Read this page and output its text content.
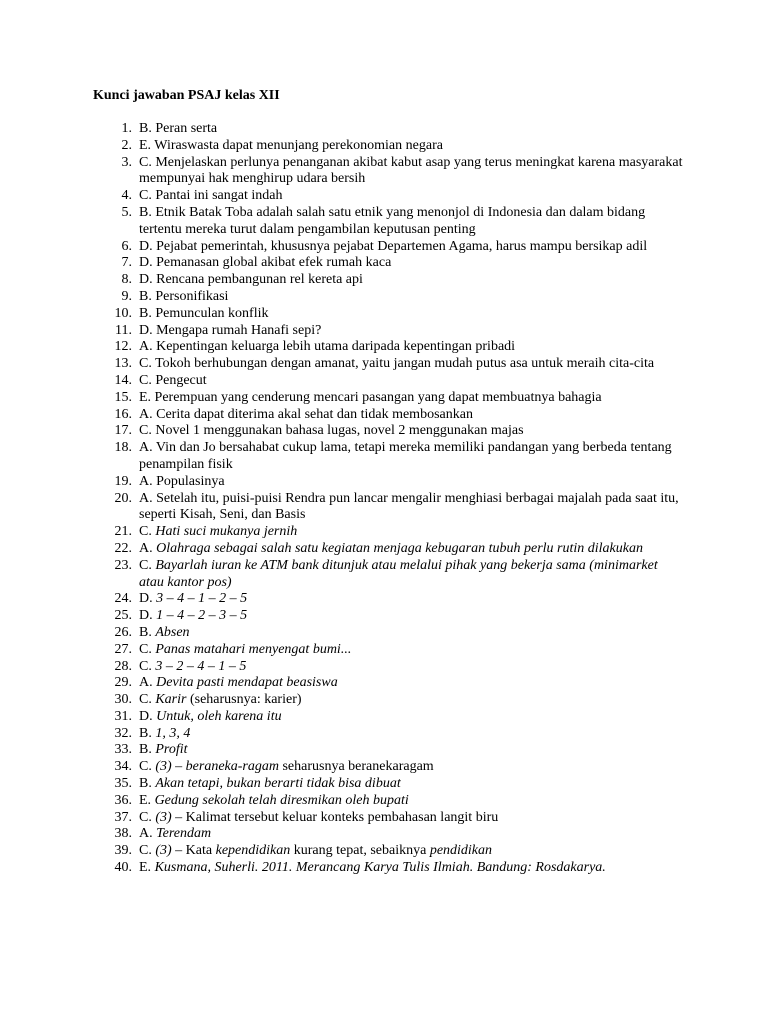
Kunci jawaban PSAJ kelas XII
1. B. Peran serta
2. E. Wiraswasta dapat menunjang perekonomian negara
3. C. Menjelaskan perlunya penanganan akibat kabut asap yang terus meningkat karena masyarakat mempunyai hak menghirup udara bersih
4. C. Pantai ini sangat indah
5. B. Etnik Batak Toba adalah salah satu etnik yang menonjol di Indonesia dan dalam bidang tertentu mereka turut dalam pengambilan keputusan penting
6. D. Pejabat pemerintah, khususnya pejabat Departemen Agama, harus mampu bersikap adil
7. D. Pemanasan global akibat efek rumah kaca
8. D. Rencana pembangunan rel kereta api
9. B. Personifikasi
10. B. Pemunculan konflik
11. D. Mengapa rumah Hanafi sepi?
12. A. Kepentingan keluarga lebih utama daripada kepentingan pribadi
13. C. Tokoh berhubungan dengan amanat, yaitu jangan mudah putus asa untuk meraih cita-cita
14. C. Pengecut
15. E. Perempuan yang cenderung mencari pasangan yang dapat membuatnya bahagia
16. A. Cerita dapat diterima akal sehat dan tidak membosankan
17. C. Novel 1 menggunakan bahasa lugas, novel 2 menggunakan majas
18. A. Vin dan Jo bersahabat cukup lama, tetapi mereka memiliki pandangan yang berbeda tentang penampilan fisik
19. A. Populasinya
20. A. Setelah itu, puisi-puisi Rendra pun lancar mengalir menghiasi berbagai majalah pada saat itu, seperti Kisah, Seni, dan Basis
21. C. Hati suci mukanya jernih
22. A. Olahraga sebagai salah satu kegiatan menjaga kebugaran tubuh perlu rutin dilakukan
23. C. Bayarlah iuran ke ATM bank ditunjuk atau melalui pihak yang bekerja sama (minimarket atau kantor pos)
24. D. 3 – 4 – 1 – 2 – 5
25. D. 1 – 4 – 2 – 3 – 5
26. B. Absen
27. C. Panas matahari menyengat bumi...
28. C. 3 – 2 – 4 – 1 – 5
29. A. Devita pasti mendapat beasiswa
30. C. Karir (seharusnya: karier)
31. D. Untuk, oleh karena itu
32. B. 1, 3, 4
33. B. Profit
34. C. (3) – beraneka-ragam seharusnya beranekaragam
35. B. Akan tetapi, bukan berarti tidak bisa dibuat
36. E. Gedung sekolah telah diresmikan oleh bupati
37. C. (3) – Kalimat tersebut keluar konteks pembahasan langit biru
38. A. Terendam
39. C. (3) – Kata kependidikan kurang tepat, sebaiknya pendidikan
40. E. Kusmana, Suherli. 2011. Merancang Karya Tulis Ilmiah. Bandung: Rosdakarya.
